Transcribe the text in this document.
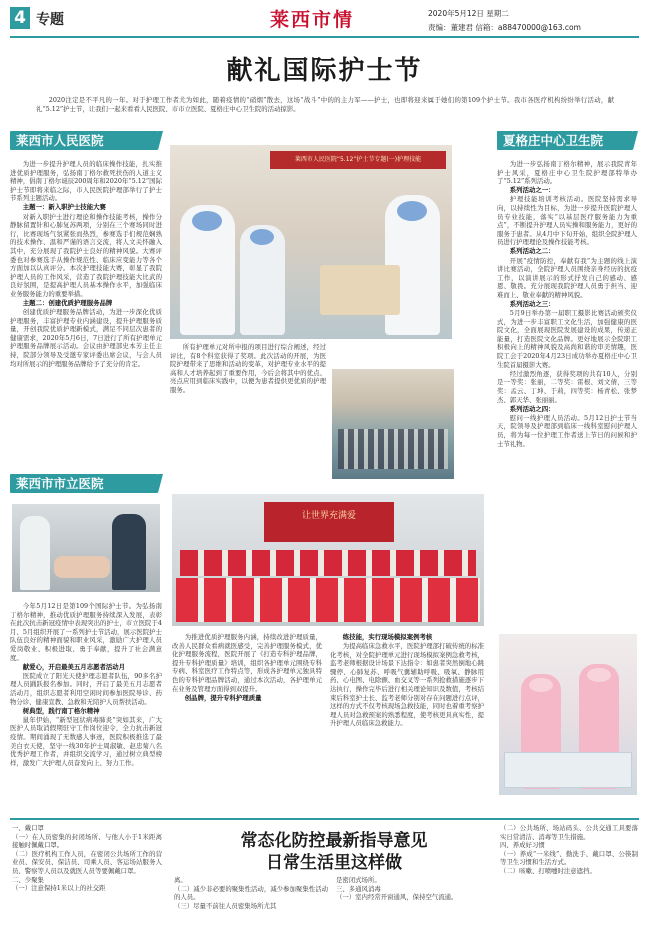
4 专题	莱西市情	2020年5月12日 星期二
责编：董建君 信箱：a88470000@163.com
献礼国际护士节

2020注定是不平凡的一年。对于护理工作者尤为如此，随着疫情的“硝烟”散去，这场“战斗”中的的主力军——护士，也即将迎来属于她们的第109个护士节。我市各医疗机构纷纷举行活动，献礼“5.12”护士节，让我们一起来看看人民医院、市市立医院、夏格庄中心卫生院的活动掠影。

莱西市人民医院

为进一步提升护理人员的临床操作技能，扎实推进优质护理服务，弘扬南丁格尔救死扶伤的人道主义精神，倡南丁格尔诞辰200周年和2020年“5.12”国际护士节即将来临之际，市人民医院护理部举行了护士节系列主题活动。

主题一：新入职护士技能大赛

对新入职护士进行理论和操作技能考核，操作分静脉留置针和心肺复苏两项，分别在三个赛场同时进行，比赛现场气氛紧张而热烈，参赛选手们规范娴熟的技术操作、温和严谨的语言交流，将人文关怀融入其中，充分展现了我院护士良好的精神风貌。大赛评委也对参赛选手从操作规范性、临床应变能力等各个方面加以认真评分。本次护理技能大赛，彰显了我院护理人员的工作风采，营造了我院护理技能大比武的良好氛围，是提高护理人员基本操作水平，加强临床业务服务能力的重要举措。

主题二：创建优质护理服务品牌

创建优质护理服务品牌活动，为进一步深化优质护理服务，丰富护理专业内涵建设，提升护理服务质量，开创我院优质护理新模式，满足不同层次患者的健康需求，2020年5月6日，7日进行了所有护理单元护理服务品牌展示活动。会议由护理部史本芳主任主持，院部分领导及受邀专家评委出席会议，与会人员均对所展示的护理服务品牌给予了充分的肯定。

莱西市人民医院“5.12”护士节专题(一)护理技能

所有护理单元对所申报的项目进行综合阐述，经过评比，有8个科室获得了奖项。此次活动的开展，为医院护理带来了思维和活动的变革，对护理专业水平的提高和人才培养起到了重要作用，今后会将其中的优点、亮点应用到临床实践中，以便为患者提供更优质的护理服务。

夏格庄中心卫生院

为进一步弘扬南丁格尔精神，展示我院青年护士风采，夏格庄中心卫生院护理部特举办了“5.12”系列活动。

系列活动之一：

护理技能培训考核活动。医院坚持需求导向，以持续性为目标，为进一步提升医院护理人员专业技能，落实“以基层医疗服务能力为重点”，不断提升护理人员实操和服务能力，更好的服务于患者。从4月中下旬开始，组织全院护理人员进行护理理论及操作技能考核。

系列活动之二：

开展“疫情防控，奉献有我”为主题的线上演讲比赛活动，全院护理人员围绕亲身经历的抗疫工作，以演讲展示的形式抒发自己的感动、感恩、敬畏。充分展现我院护理人员勇于担当、迎难而上、敬业奉献的精神风貌。

系列活动之三：

5月9日举办第一届职工摄影比赛活动颁奖仪式，为进一步丰富职工文化生活，加强健康的医院文化，全面展现医院发展建设的成果，传递正能量，打造医院文化品牌。更好地展示全院职工积极向上的精神风貌及高尚和谐的审美情趣，医院工会于2020年4月23日成功举办夏格庄中心卫生院首届摄影大赛。

经过激烈角逐，获得奖项的共有10人，分别是一等奖：张丽，二等奖：雷根、刘文倩，三等奖：孟云、丁坤、于莉，四等奖：杨青松、张梦杰、郭天华、张丽丽。

系列活动之四：

慰问一线护理人员活动。5月12日护士节当天，院领导及护理部到临床一线科室慰问护理人员，将为每一位护理工作者送上节日的问候和护士节礼物。

莱西市市立医院

今年5月12日是第109个国际护士节。为弘扬南丁格尔精神，推动优质护理服务持续深入发展，表彰在此次抗击新冠疫情中表现突出的护士，市立医院于4月、5月组织开展了一系列护士节活动，展示医院护士队伍良好的精神面貌和职业风采，激励广大护理人员爱岗敬业、积极进取、勇于奉献，提升了社会满意度。

献爱心，开启最美五月志愿者活动月

医院成立了阳光天使护理志愿者队伍，90多名护理人员踊跃报名参加。同时，开启了最美五月志愿者活动月，组织志愿者利用空闲时间参加医院导诊、药物分诊、健康宣教、急救和无陪护人员帮扶活动。

树典型，践行南丁格尔精神

鼠年伊始，“新型冠状病毒肺炎”突如其来，广大医护人员取消假期驻守工作岗位迎令，全力抗击新冠疫情。期间涌现了无数感人事迹，医院积极推选了最美白衣天使，坚守一线30年护士周淑敏、赵忠菊八名优秀护理工作者，并组织交流学习，通过树立典型榜样，激发广大护理人员奋发向上、努力工作。

让世界充满爱

为推进优质护理服务内涵，持续改进护理质量，改善人民群众看病就医感受，完善护理服务模式，优化护理服务流程，医院开展了《打造专科护理品牌，提升专科护理质量》培训，组织各护理单元围绕专科专病、科室医疗工作特点等，形成各护理单元独具特色的专科护理品牌活动，通过本次活动，各护理单元在业务及管理方面得到双提升。

创品牌，提升专科护理质量

练技能，实行现场模拟案例考核

为提高临床急救水平，医院护理部打破传统的标准化考核，对全院护理单元进行现场模拟案例急救考核，监考老师根据设计场景下达指令：如患者突然倒地心跳骤停、心肺复苏、呼吸气囊辅助呼吸、吸氧、静脉用药、心电图、电除颤、血交叉等一系列抢救措施逐步下达执行，操作完毕后进行相关理论知识及数值，考核结束后科室护士长、监考老师分别对存在问题进行点评，这样的方式不仅考核现场急救技能，同时也着重考察护理人员对急救预案的熟悉程度，使考核更具真实性，提升护理人员临床急救能力。

一、戴口罩
（一）在人员密集的封闭场所、与他人小于1米距离接触时佩戴口罩。
（二）医疗机构工作人员，在密闭公共场所工作的营业员、保安员、保洁员、司乘人员、客运场站服务人员、警察等人员以及就医人员等要佩戴口罩。
二、少聚集
（一）注意保持1米以上的社交距
常态化防控最新指导意见
日常生活里这样做
离。
（二）减少非必要的聚集性活动，减少参加聚集性活动的人员。
（三）尽量不前往人员密集场所尤其
是密闭式场所。
三、多通风消毒
（一）室内经常开窗通风，保持空气流通。
（二）公共场所、场站码头、公共交通工具要落实日常清洁、消毒等卫生措施。
四、养成好习惯
（一）养成“一米线”、勤洗手、戴口罩、公筷制等卫生习惯和生活方式。
（二）咳嗽、打喷嚏时注意遮挡。
